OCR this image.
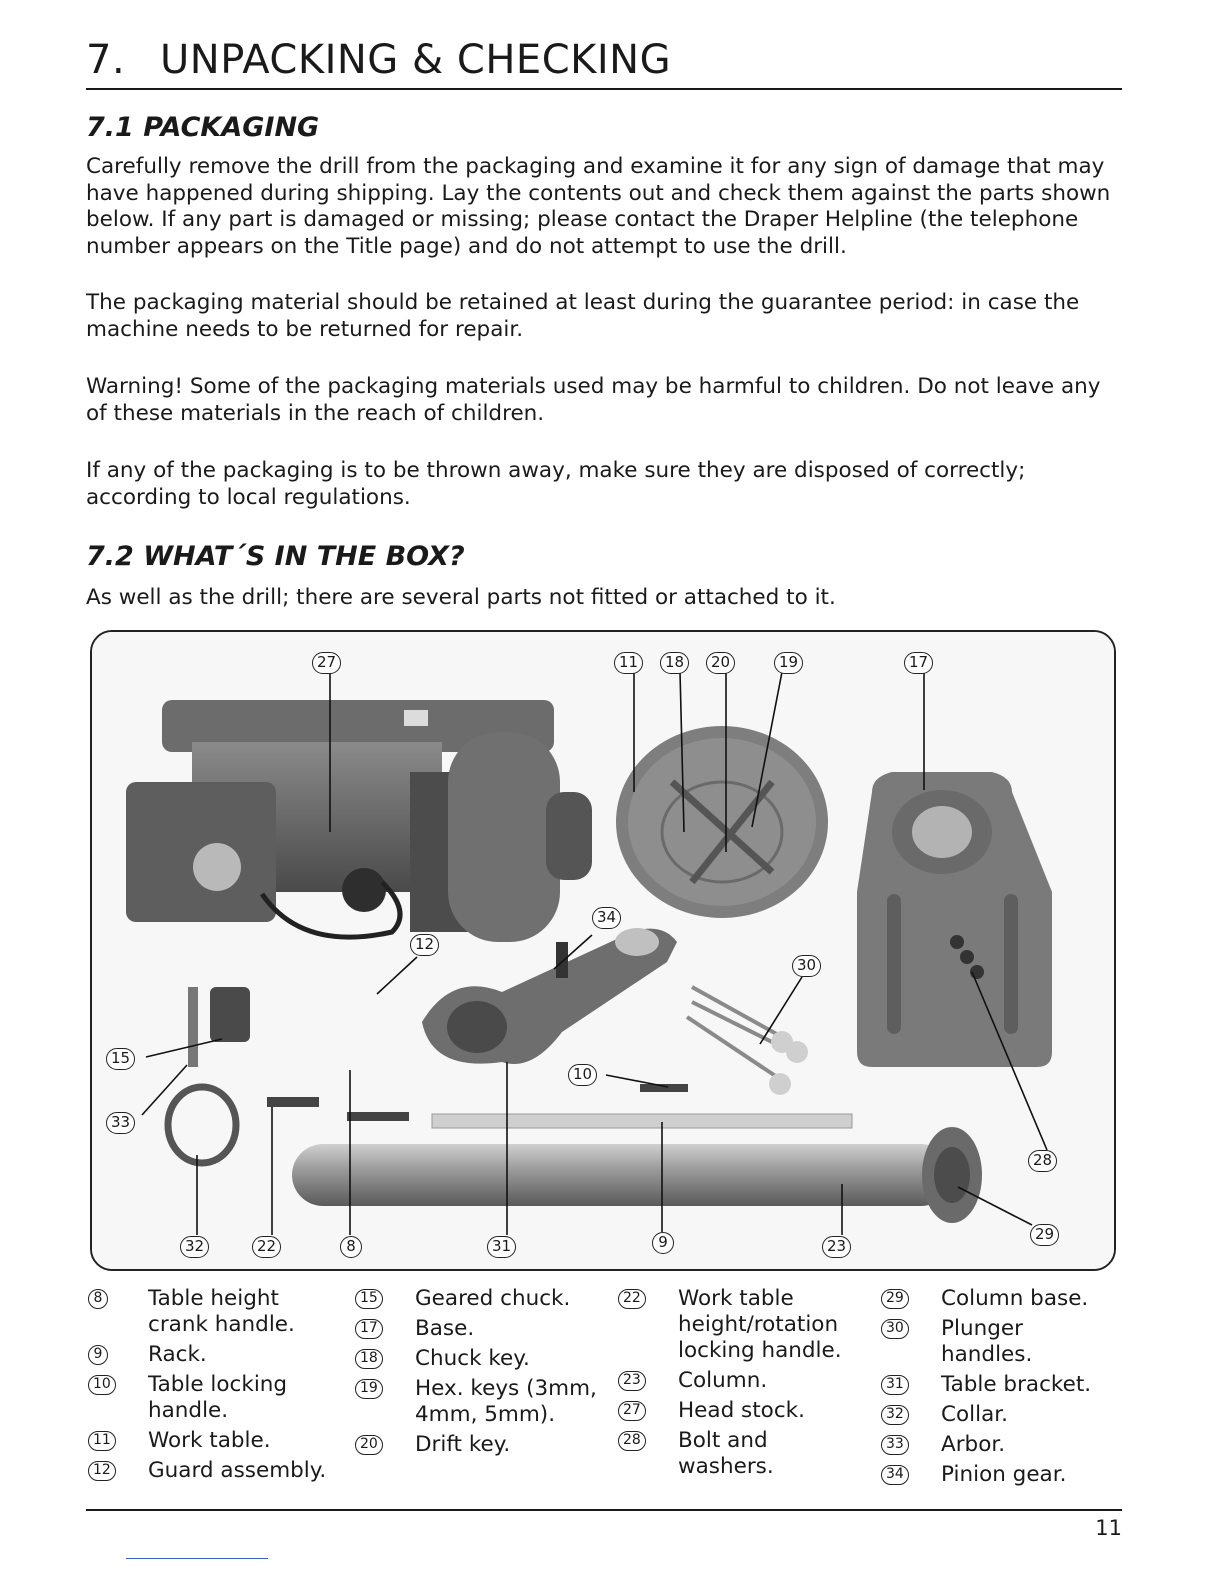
7. UNPACKING & CHECKING
7.1 PACKAGING

Carefully remove the drill from the packaging and examine it for any sign of damage that may have happened during shipping. Lay the contents out and check them against the parts shown below. If any part is damaged or missing; please contact the Draper Helpline (the telephone number appears on the Title page) and do not attempt to use the drill.

The packaging material should be retained at least during the guarantee period: in case the machine needs to be returned for repair.

Warning! Some of the packaging materials used may be harmful to children. Do not leave any of these materials in the reach of children.

If any of the packaging is to be thrown away, make sure they are disposed of correctly; according to local regulations.

7.2 WHAT´S IN THE BOX?

As well as the drill; there are several parts not fitted or attached to it.

27	11	18	20	19	17
34
12
30
15
10
33
28
29
32	22	8	31	9	23
8 Table height crank handle.
9 Rack.
10 Table locking handle.
11 Work table.
12 Guard assembly.
15 Geared chuck.
17 Base.
18 Chuck key.
19 Hex. keys (3mm, 4mm, 5mm).
20 Drift key.
22 Work table height/rotation locking handle.
23 Column.
27 Head stock.
28 Bolt and washers.
29 Column base.
30 Plunger handles.
31 Table bracket.
32 Collar.
33 Arbor.
34 Pinion gear.
11
